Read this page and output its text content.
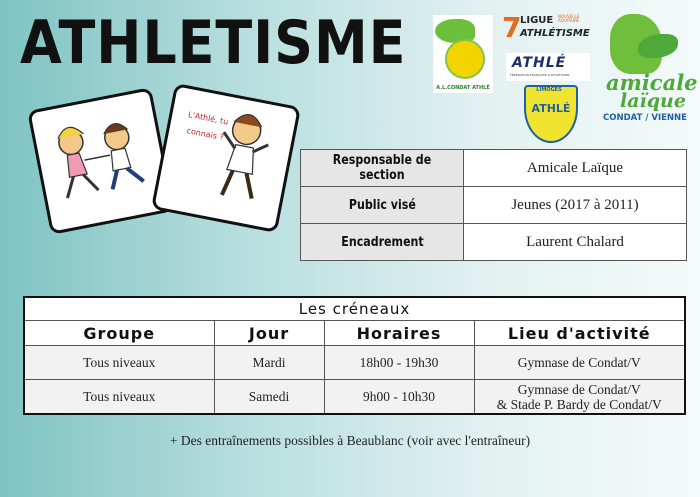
ATHLETISME
A.L.CONDAT ATHLÉ
7
LIGUE NOUVELLE AQUITAINE
ATHLÉTISME
ATHLÉ
FÉDÉRATION FRANÇAISE D'ATHLÉTISME
LIMOGES
ATHLÉ
amicale
laïque
CONDAT / VIENNE
L'Athlé, tu connais ?
Responsable de section	Amicale Laïque
Public visé	Jeunes (2017 à 2011)
Encadrement	Laurent Chalard
Les créneaux			
Groupe	Jour	Horaires	Lieu d'activité
Tous niveaux	Mardi	18h00 - 19h30	Gymnase de Condat/V
Tous niveaux	Samedi	9h00 - 10h30	Gymnase de Condat/V
& Stade P. Bardy de Condat/V
+ Des entraînements possibles à Beaublanc (voir avec l'entraîneur)
